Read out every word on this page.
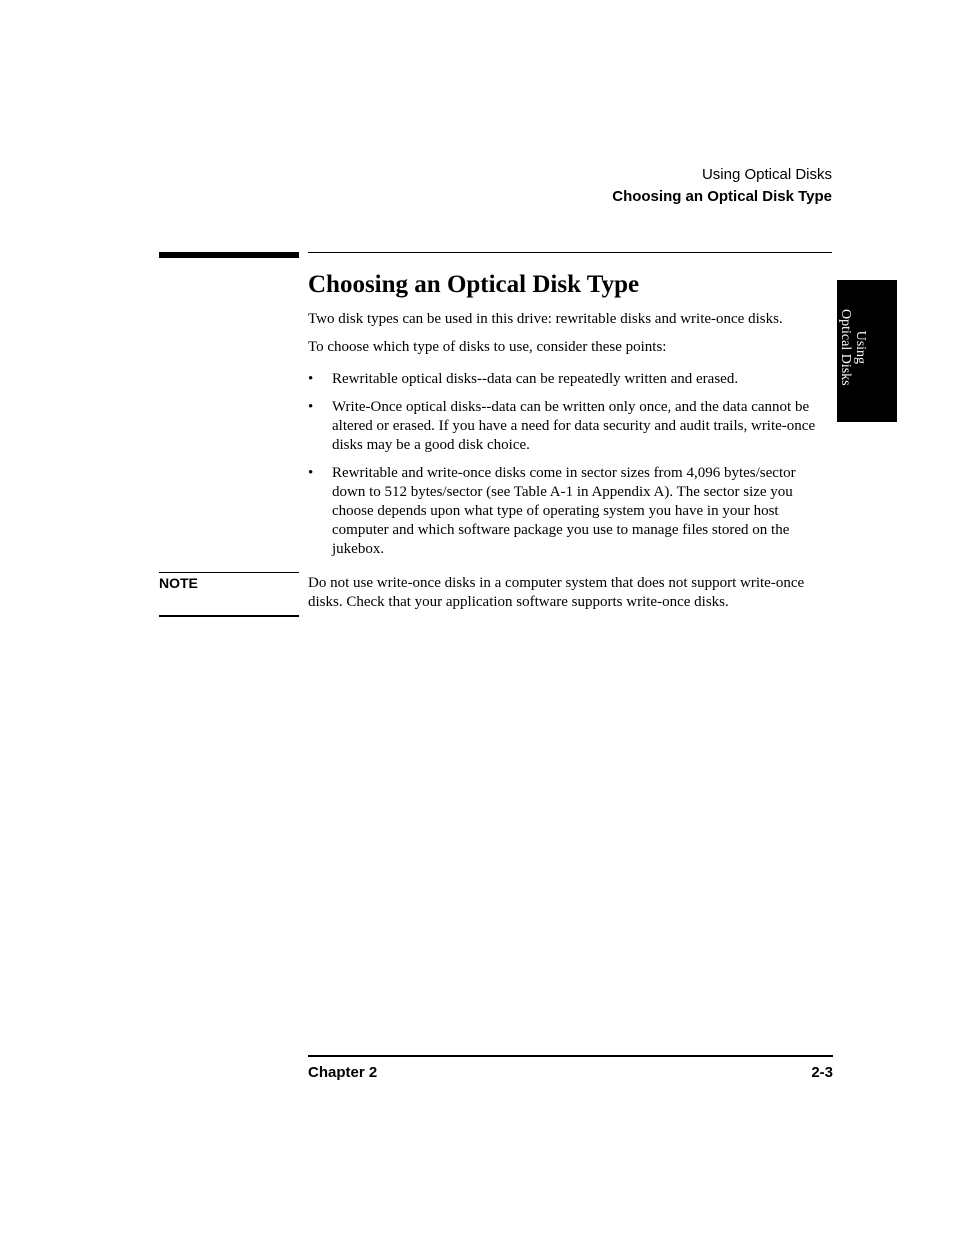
Using Optical Disks
Choosing an Optical Disk Type
Choosing an Optical Disk Type
Using
Optical Disks

Two disk types can be used in this drive: rewritable disks and write-once disks.

To choose which type of disks to use, consider these points:

• Rewritable optical disks--data can be repeatedly written and erased.
• Write-Once optical disks--data can be written only once, and the data cannot be altered or erased. If you have a need for data security and audit trails, write-once disks may be a good disk choice.
• Rewritable and write-once disks come in sector sizes from 4,096 bytes/sector down to 512 bytes/sector (see Table A-1 in Appendix A). The sector size you choose depends upon what type of operating system you have in your host computer and which software package you use to manage files stored on the jukebox.
NOTE	Do not use write-once disks in a computer system that does not support write-once disks. Check that your application software supports write-once disks.
Chapter 2	2-3
